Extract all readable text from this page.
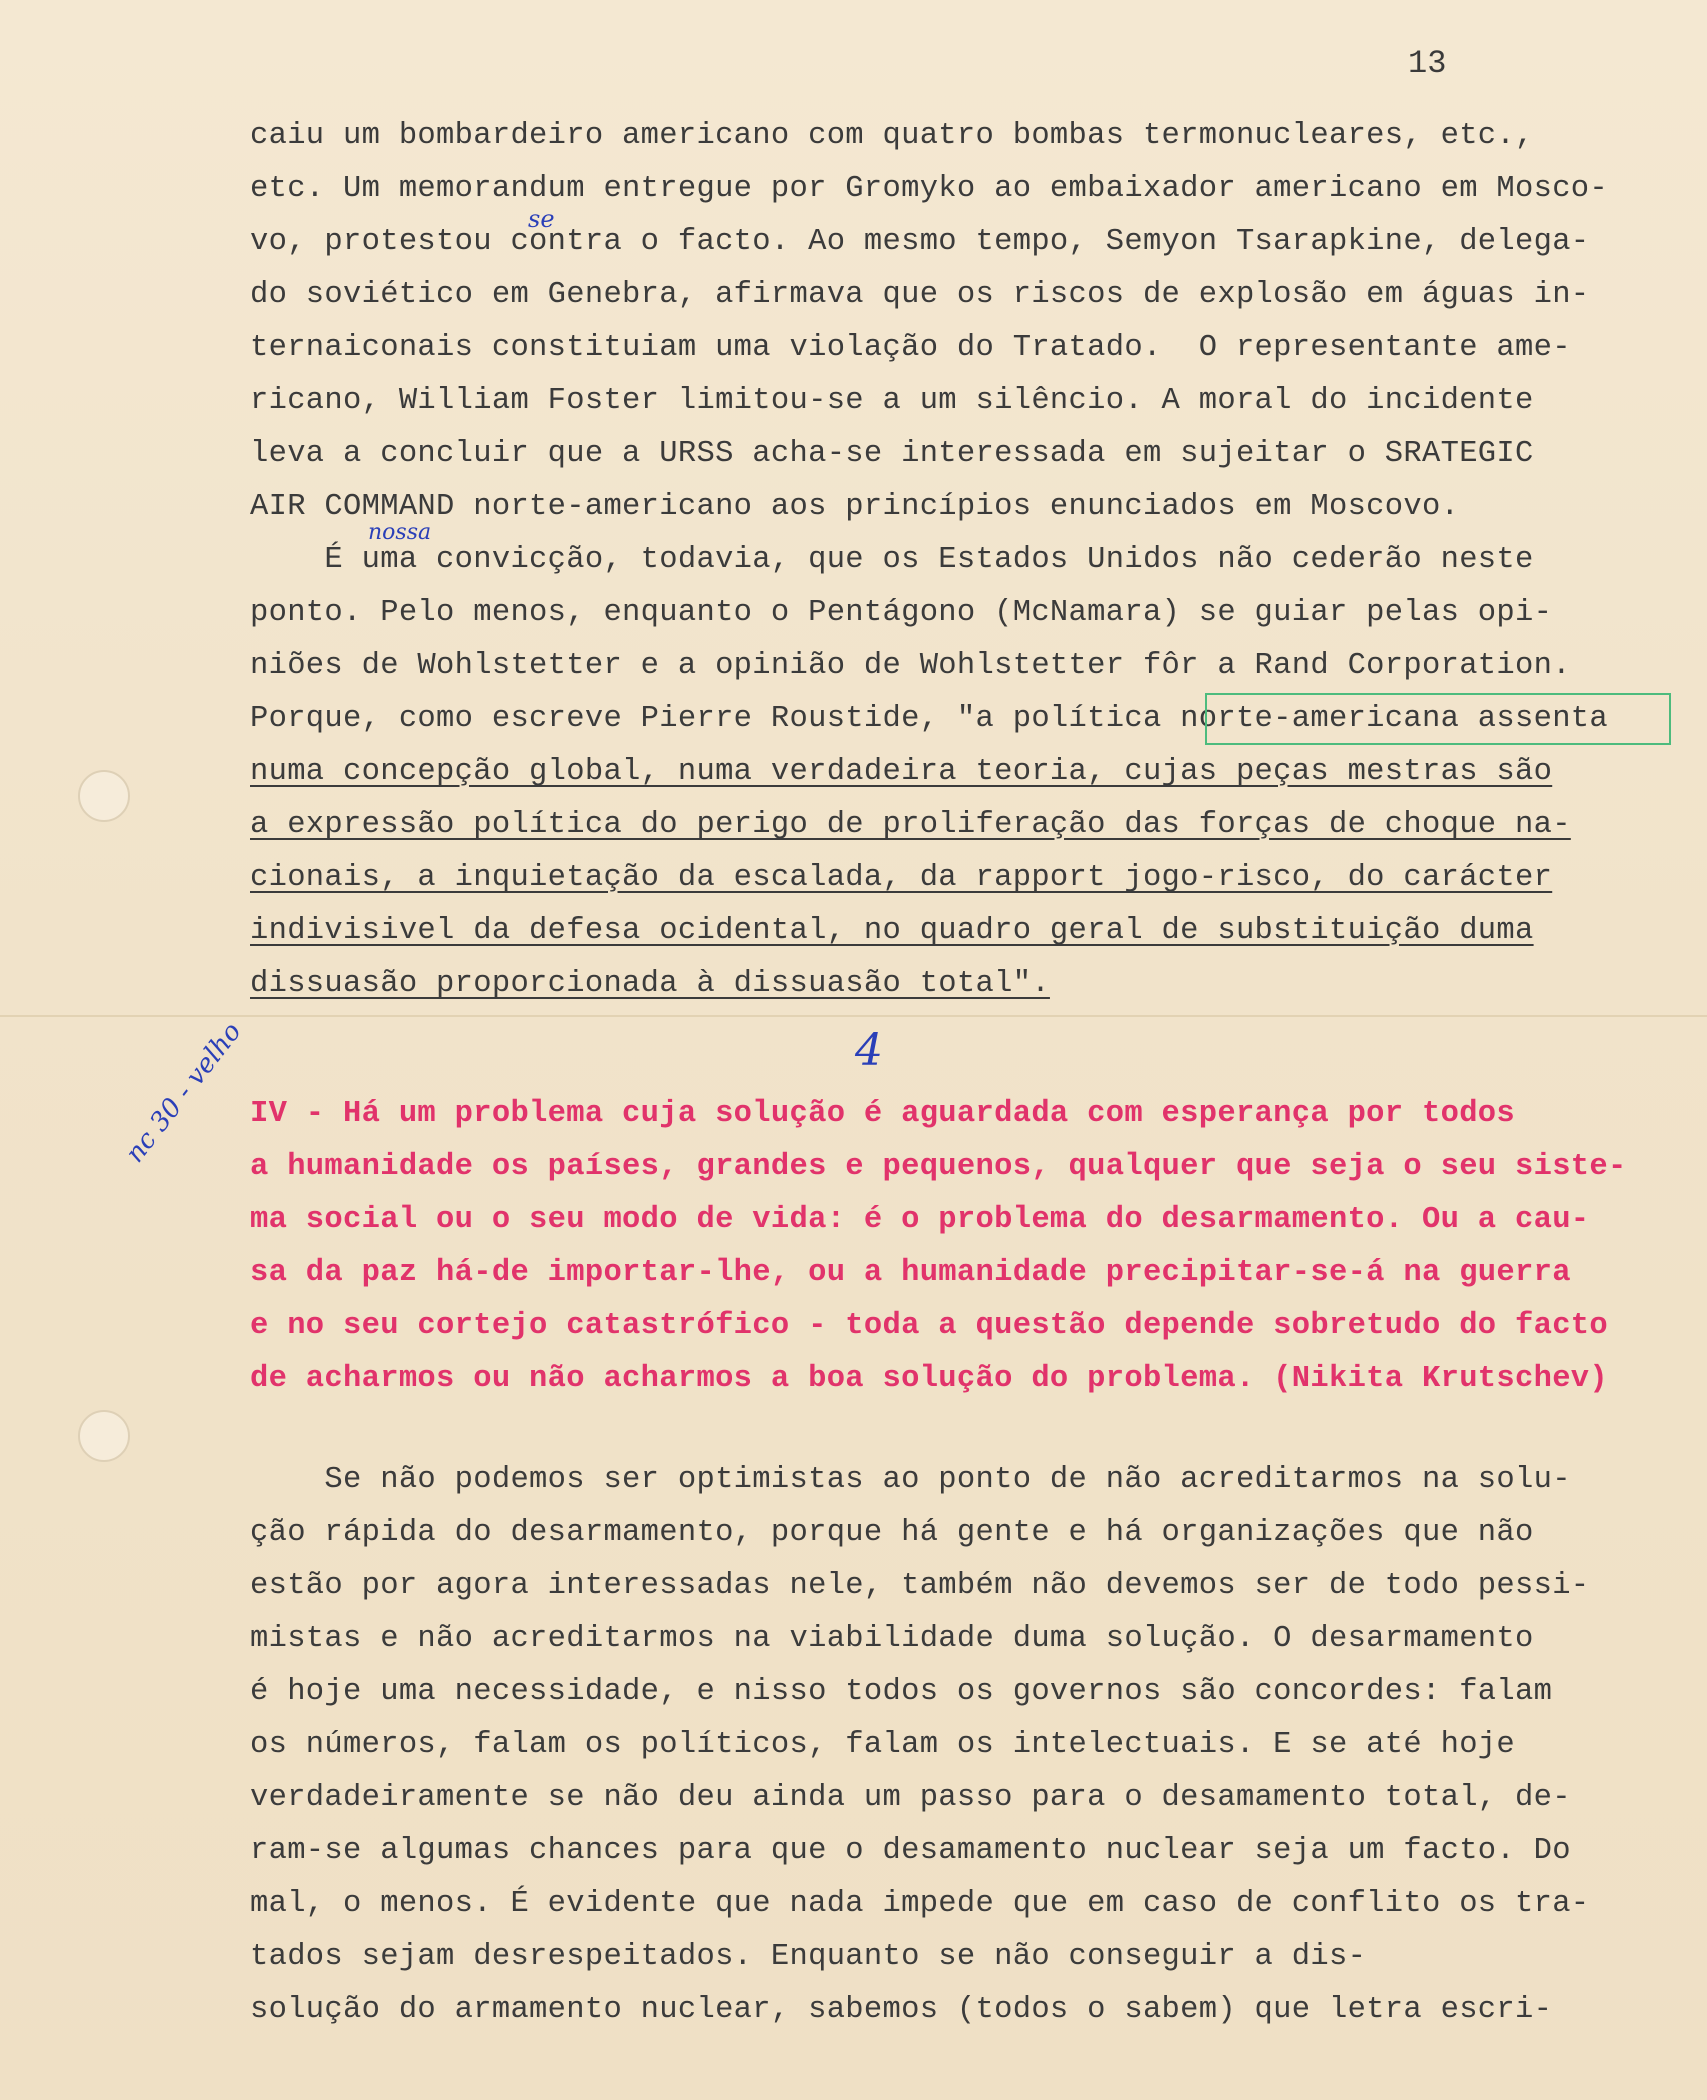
13
caiu um bombardeiro americano com quatro bombas termonucleares, etc.,
etc. Um memorandum entregue por Gromyko ao embaixador americano em Mosco-
vo, protestou contra o facto. Ao mesmo tempo, Semyon Tsarapkine, delega-
do soviético em Genebra, afirmava que os riscos de explosão em águas in-
ternaiconais constituiam uma violação do Tratado.  O representante ame-
ricano, William Foster limitou-se a um silêncio. A moral do incidente
leva a concluir que a URSS acha-se interessada em sujeitar o SRATEGIC
AIR COMMAND norte-americano aos princípios enunciados em Moscovo.
É uma convicção, todavia, que os Estados Unidos não cederão neste
ponto. Pelo menos, enquanto o Pentágono (McNamara) se guiar pelas opi-
niões de Wohlstetter e a opinião de Wohlstetter fôr a Rand Corporation.
Porque, como escreve Pierre Roustide, "a política norte-americana assenta
numa concepção global, numa verdadeira teoria, cujas peças mestras são
a expressão política do perigo de proliferação das forças de choque na-
cionais, a inquietação da escalada, da rapport jogo-risco, do carácter
indivisivel da defesa ocidental, no quadro geral de substituição duma
dissuasão proporcionada à dissuasão total".
4
IV - Há um problema cuja solução é aguardada com esperança por todos
a humanidade os países, grandes e pequenos, qualquer que seja o seu siste-
ma social ou o seu modo de vida: é o problema do desarmamento. Ou a cau-
sa da paz há-de importar-lhe, ou a humanidade precipitar-se-á na guerra
e no seu cortejo catastrófico - toda a questão depende sobretudo do facto
de acharmos ou não acharmos a boa solução do problema. (Nikita Krutschev)
nc 30 - velho
Se não podemos ser optimistas ao ponto de não acreditarmos na solu-
ção rápida do desarmamento, porque há gente e há organizações que não
estão por agora interessadas nele, também não devemos ser de todo pessi-
mistas e não acreditarmos na viabilidade duma solução. O desarmamento
é hoje uma necessidade, e nisso todos os governos são concordes: falam
os números, falam os políticos, falam os intelectuais. E se até hoje
verdadeiramente se não deu ainda um passo para o desamamento total, de-
ram-se algumas chances para que o desamamento nuclear seja um facto. Do
mal, o menos. É evidente que nada impede que em caso de conflito os tra-
tados sejam desrespeitados. Enquanto se não conseguir a dis-
solução do armamento nuclear, sabemos (todos o sabem) que letra escri-
nossa
se
